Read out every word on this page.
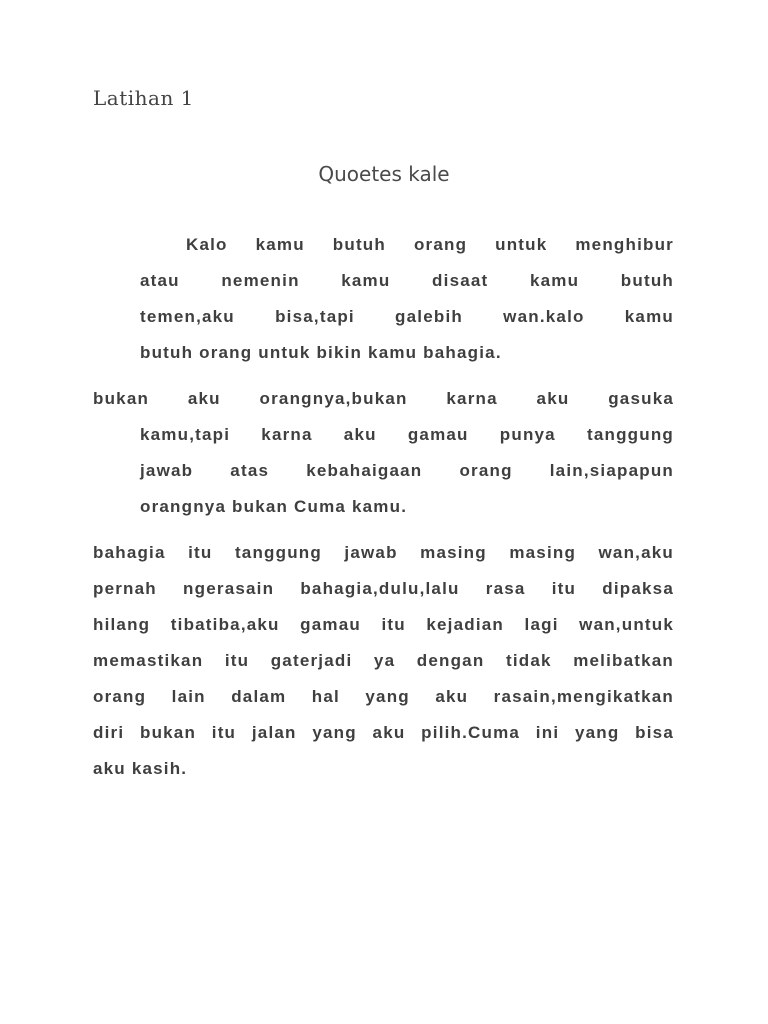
Latihan 1
Quoetes kale
Kalo kamu butuh orang untuk menghibur
atau nemenin kamu disaat kamu butuh
temen,aku bisa,tapi galebih wan.kalo kamu
butuh orang untuk bikin kamu bahagia.
bukan aku orangnya,bukan karna aku gasuka
kamu,tapi karna aku gamau punya tanggung
jawab atas kebahaigaan orang lain,siapapun
orangnya bukan Cuma kamu.
bahagia itu tanggung jawab masing masing wan,aku
pernah ngerasain bahagia,dulu,lalu rasa itu dipaksa
hilang tibatiba,aku gamau itu kejadian lagi wan,untuk
memastikan itu gaterjadi ya dengan tidak melibatkan
orang lain dalam hal yang aku rasain,mengikatkan
diri bukan itu jalan yang aku pilih.Cuma ini yang bisa
aku kasih.
